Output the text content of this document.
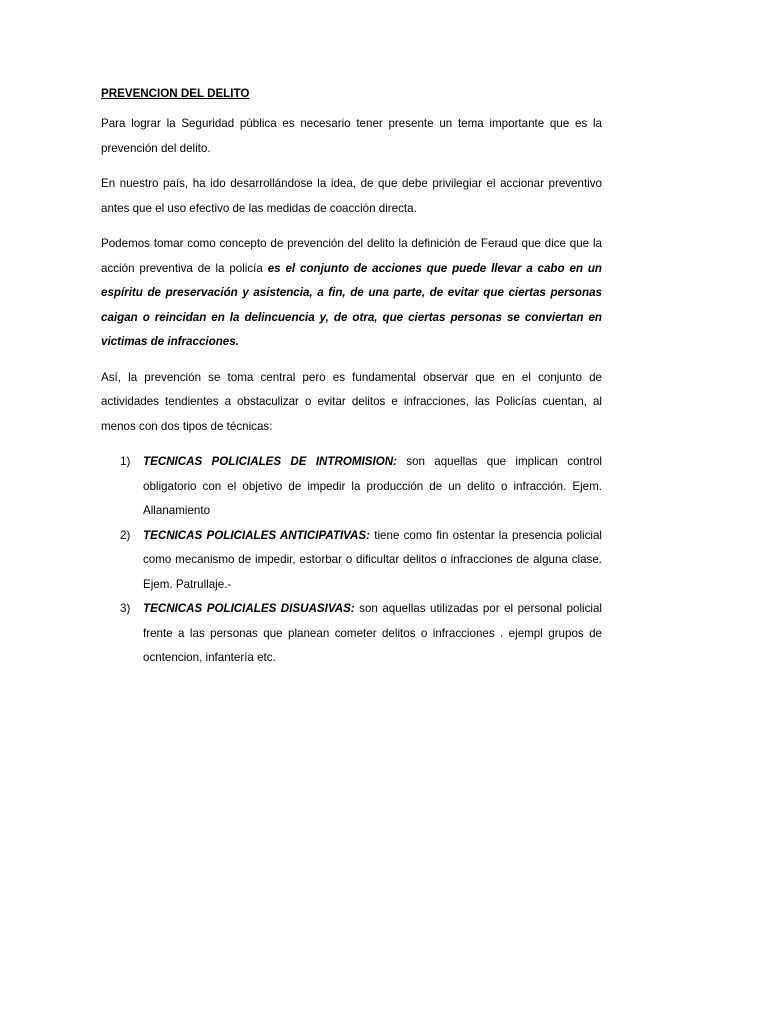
PREVENCION DEL DELITO

Para lograr la Seguridad pública es necesario tener presente un tema importante que es la prevención del delito.

En nuestro país, ha ido desarrollándose la idea, de que debe privilegiar el accionar preventivo antes que el uso efectivo de las medidas de coacción directa.

Podemos tomar como concepto de prevención del delito la definición de Feraud que dice que la acción preventiva de la policía es el conjunto de acciones que puede llevar a cabo en un espíritu de preservación y asistencia, a fin, de una parte, de evitar que ciertas personas caigan o reincidan en la delincuencia y, de otra, que ciertas personas se conviertan en victimas de infracciones.

Así, la prevención se toma central pero es fundamental observar que en el conjunto de actividades tendientes a obstaculizar o evitar delitos e infracciones, las Policías cuentan, al menos con dos tipos de técnicas:

1) TECNICAS POLICIALES DE INTROMISION: son aquellas que implican control obligatorio con el objetivo de impedir la producción de un delito o infracción. Ejem. Allanamiento
2) TECNICAS POLICIALES ANTICIPATIVAS: tiene como fin ostentar la presencia policial como mecanismo de impedir, estorbar o dificultar delitos o infracciones de alguna clase. Ejem. Patrullaje.-
3) TECNICAS POLICIALES DISUASIVAS: son aquellas utilizadas por el personal policial frente a las personas que planean cometer delitos o infracciones . ejempl grupos de ocntencion, infantería etc.
